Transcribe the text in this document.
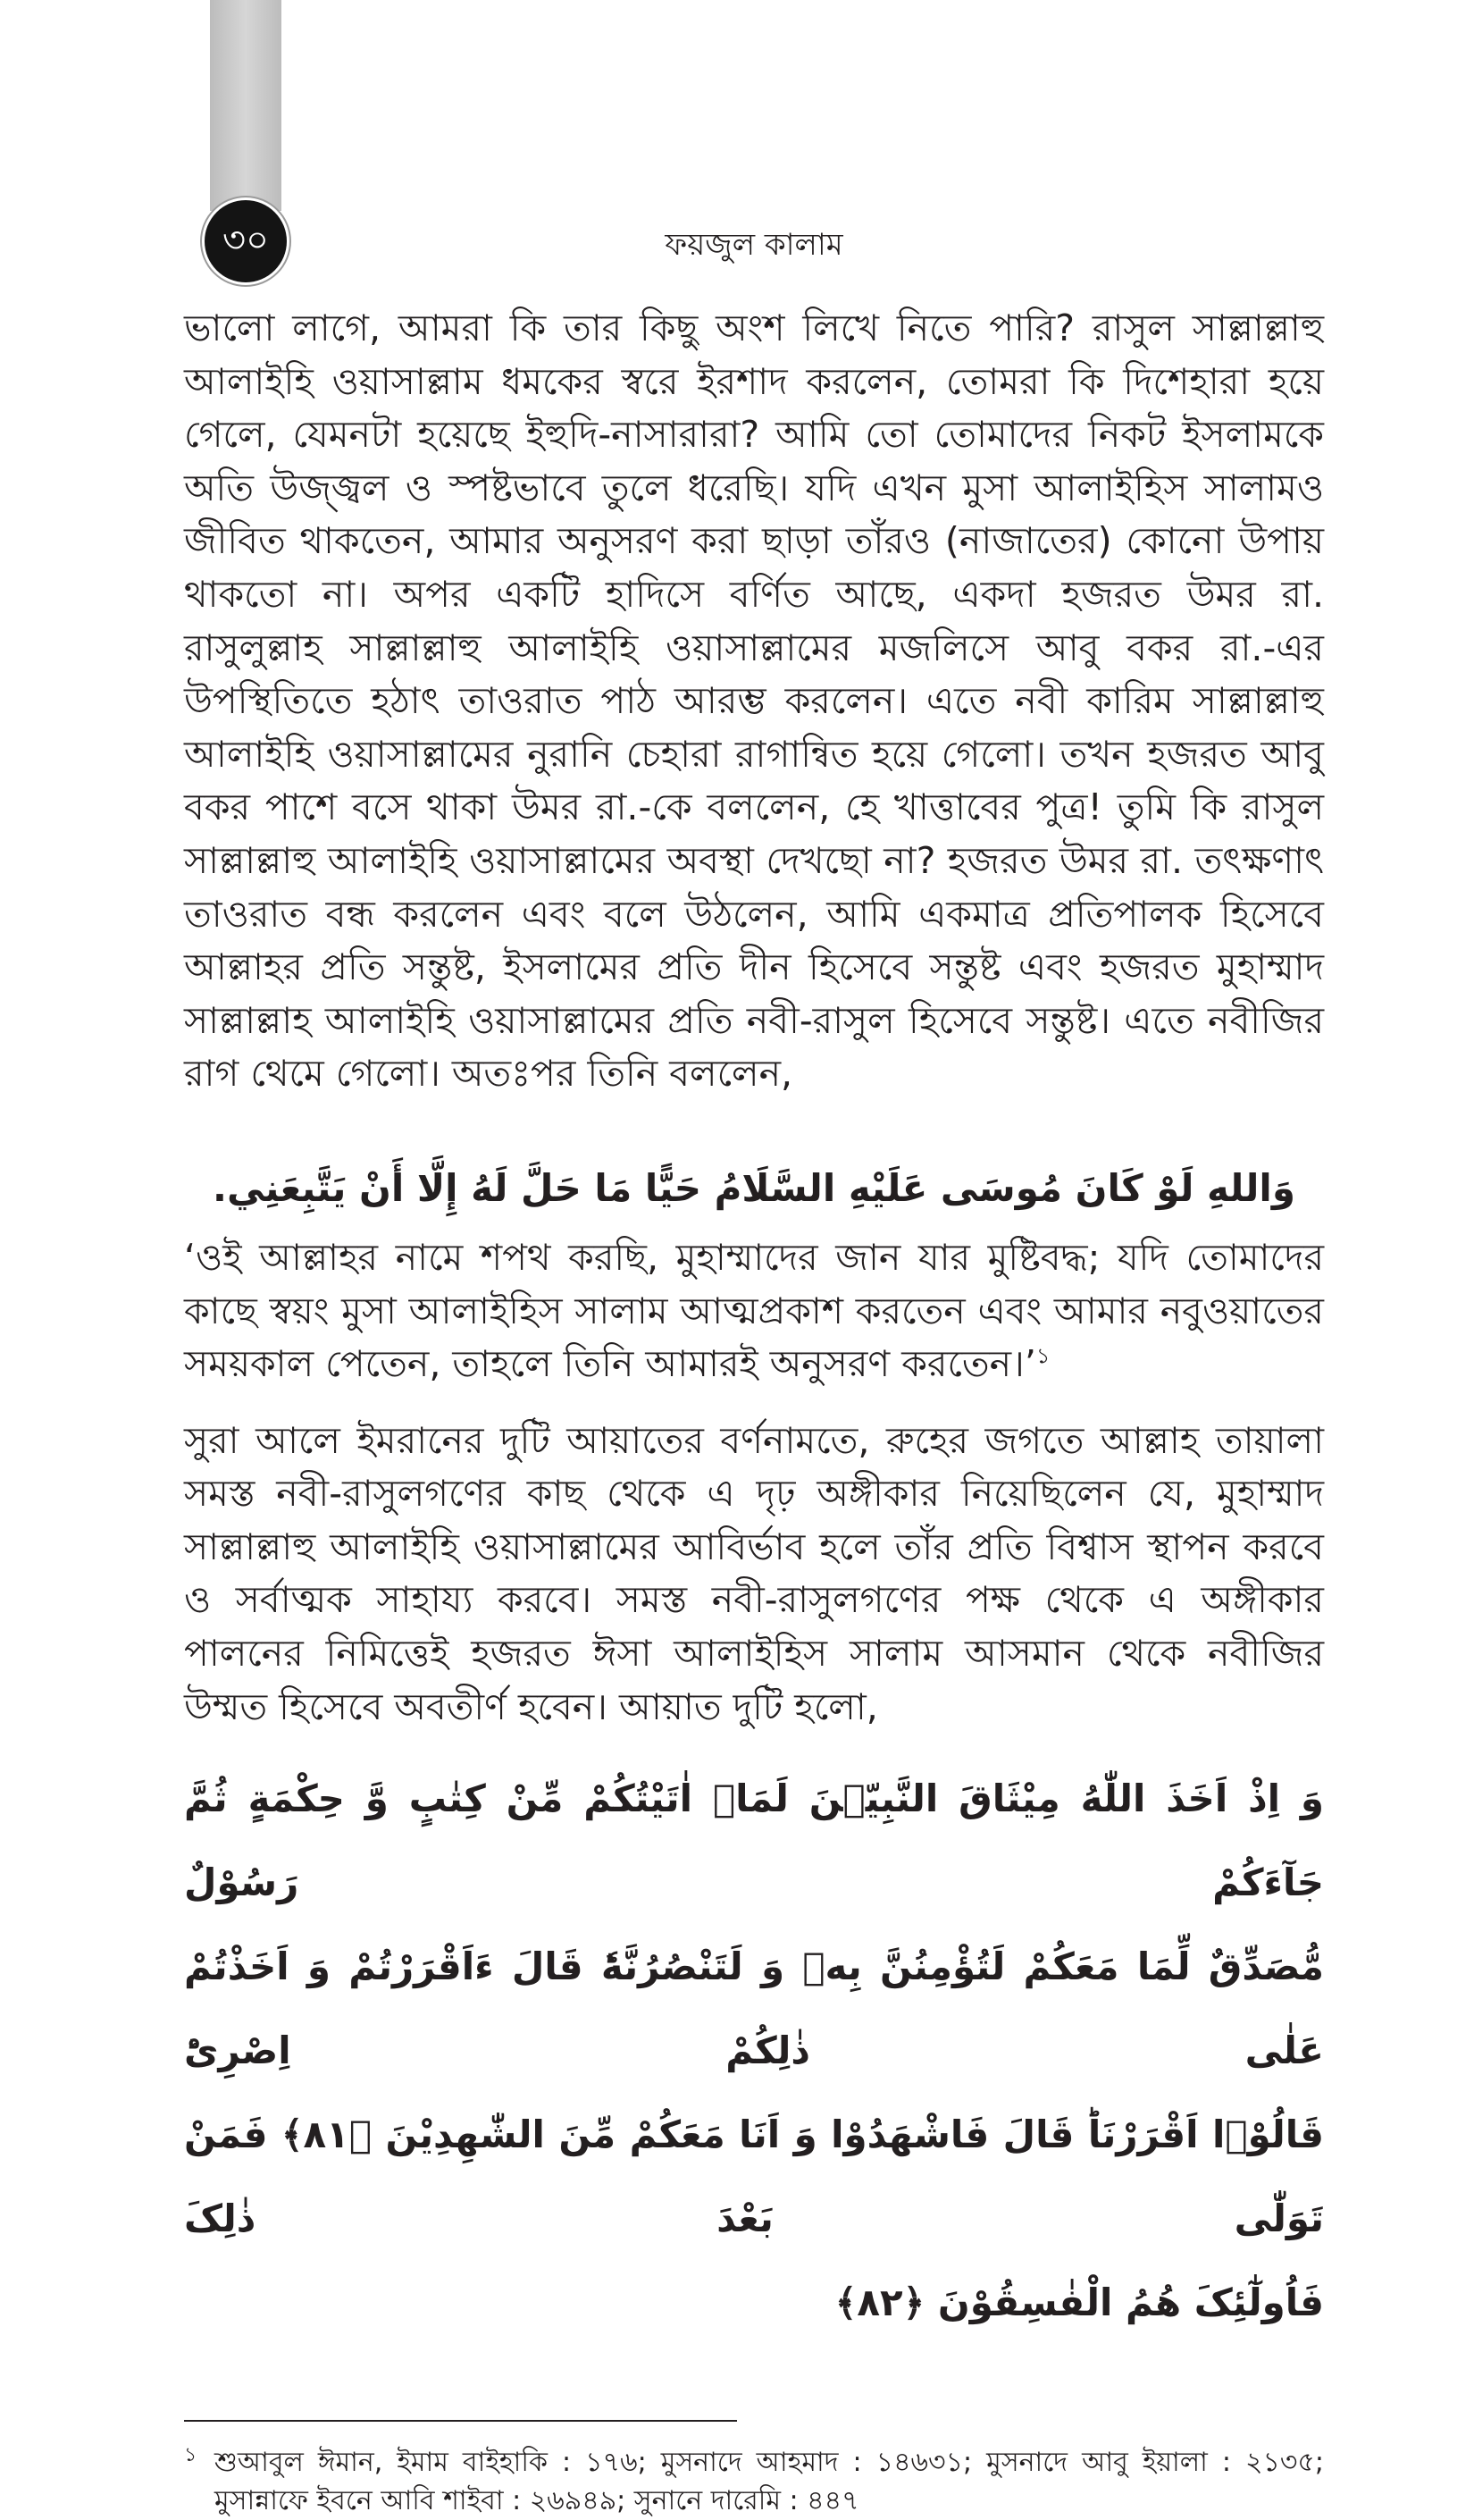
৩০	ফয়জুল কালাম

ভালো লাগে, আমরা কি তার কিছু অংশ লিখে নিতে পারি? রাসুল সাল্লাল্লাহু আলাইহি ওয়াসাল্লাম ধমকের স্বরে ইরশাদ করলেন, তোমরা কি দিশেহারা হয়ে গেলে, যেমনটা হয়েছে ইহুদি-নাসারারা? আমি তো তোমাদের নিকট ইসলামকে অতি উজ্জ্বল ও স্পষ্টভাবে তুলে ধরেছি। যদি এখন মুসা আলাইহিস সালামও জীবিত থাকতেন, আমার অনুসরণ করা ছাড়া তাঁরও (নাজাতের) কোনো উপায় থাকতো না। অপর একটি হাদিসে বর্ণিত আছে, একদা হজরত উমর রা. রাসুলুল্লাহ সাল্লাল্লাহু আলাইহি ওয়াসাল্লামের মজলিসে আবু বকর রা.-এর উপস্থিতিতে হঠাৎ তাওরাত পাঠ আরম্ভ করলেন। এতে নবী কারিম সাল্লাল্লাহু আলাইহি ওয়াসাল্লামের নুরানি চেহারা রাগান্বিত হয়ে গেলো। তখন হজরত আবু বকর পাশে বসে থাকা উমর রা.-কে বললেন, হে খাত্তাবের পুত্র! তুমি কি রাসুল সাল্লাল্লাহু আলাইহি ওয়াসাল্লামের অবস্থা দেখছো না? হজরত উমর রা. তৎক্ষণাৎ তাওরাত বন্ধ করলেন এবং বলে উঠলেন, আমি একমাত্র প্রতিপালক হিসেবে আল্লাহর প্রতি সন্তুষ্ট, ইসলামের প্রতি দীন হিসেবে সন্তুষ্ট এবং হজরত মুহাম্মাদ সাল্লাল্লাহ আলাইহি ওয়াসাল্লামের প্রতি নবী-রাসুল হিসেবে সন্তুষ্ট। এতে নবীজির রাগ থেমে গেলো। অতঃপর তিনি বললেন,

وَاللهِ لَوْ كَانَ مُوسَى عَلَيْهِ السَّلَامُ حَيًّا مَا حَلَّ لَهُ إِلَّا أَنْ يَتَّبِعَنِي.

‘ওই আল্লাহর নামে শপথ করছি, মুহাম্মাদের জান যার মুষ্টিবদ্ধ; যদি তোমাদের কাছে স্বয়ং মুসা আলাইহিস সালাম আত্মপ্রকাশ করতেন এবং আমার নবুওয়াতের সময়কাল পেতেন, তাহলে তিনি আমারই অনুসরণ করতেন।’$^১$

সুরা আলে ইমরানের দুটি আয়াতের বর্ণনামতে, রুহের জগতে আল্লাহ তায়ালা সমস্ত নবী-রাসুলগণের কাছ থেকে এ দৃঢ় অঙ্গীকার নিয়েছিলেন যে, মুহাম্মাদ সাল্লাল্লাহু আলাইহি ওয়াসাল্লামের আবির্ভাব হলে তাঁর প্রতি বিশ্বাস স্থাপন করবে ও সর্বাত্মক সাহায্য করবে। সমস্ত নবী-রাসুলগণের পক্ষ থেকে এ অঙ্গীকার পালনের নিমিত্তেই হজরত ঈসা আলাইহিস সালাম আসমান থেকে নবীজির উম্মত হিসেবে অবতীর্ণ হবেন। আয়াত দুটি হলো,

وَ اِذْ اَخَذَ اللّٰهُ مِيْثَاقَ النَّبِيّٖنَ لَمَاۤ اٰتَيْتُكُمْ مِّنْ كِتٰبٍ وَّ حِكْمَةٍ ثُمَّ جَآءَكُمْ رَسُوْلٌ
مُّصَدِّقٌ لِّمَا مَعَكُمْ لَتُؤْمِنُنَّ بِهٖ وَ لَتَنْصُرُنَّهٗؕ قَالَ ءَاَقْرَرْتُمْ وَ اَخَذْتُمْ عَلٰى ذٰلِكُمْ اِصْرِیْؕ
قَالُوْۤا اَقْرَرْنَاؕ قَالَ فَاشْهَدُوْا وَ اَنَا مَعَكُمْ مِّنَ الشّٰهِدِيْنَ ﴿٨١﴾ فَمَنْ تَوَلّٰى بَعْدَ ذٰلِکَ
فَاُولٰٓئِکَ هُمُ الْفٰسِقُوْنَ ﴿٨٢﴾
১ শুআবুল ঈমান, ইমাম বাইহাকি : ১৭৬; মুসনাদে আহমাদ : ১৪৬৩১; মুসনাদে আবু ইয়ালা : ২১৩৫; মুসান্নাফে ইবনে আবি শাইবা : ২৬৯৪৯; সুনানে দারেমি : ৪৪৭
